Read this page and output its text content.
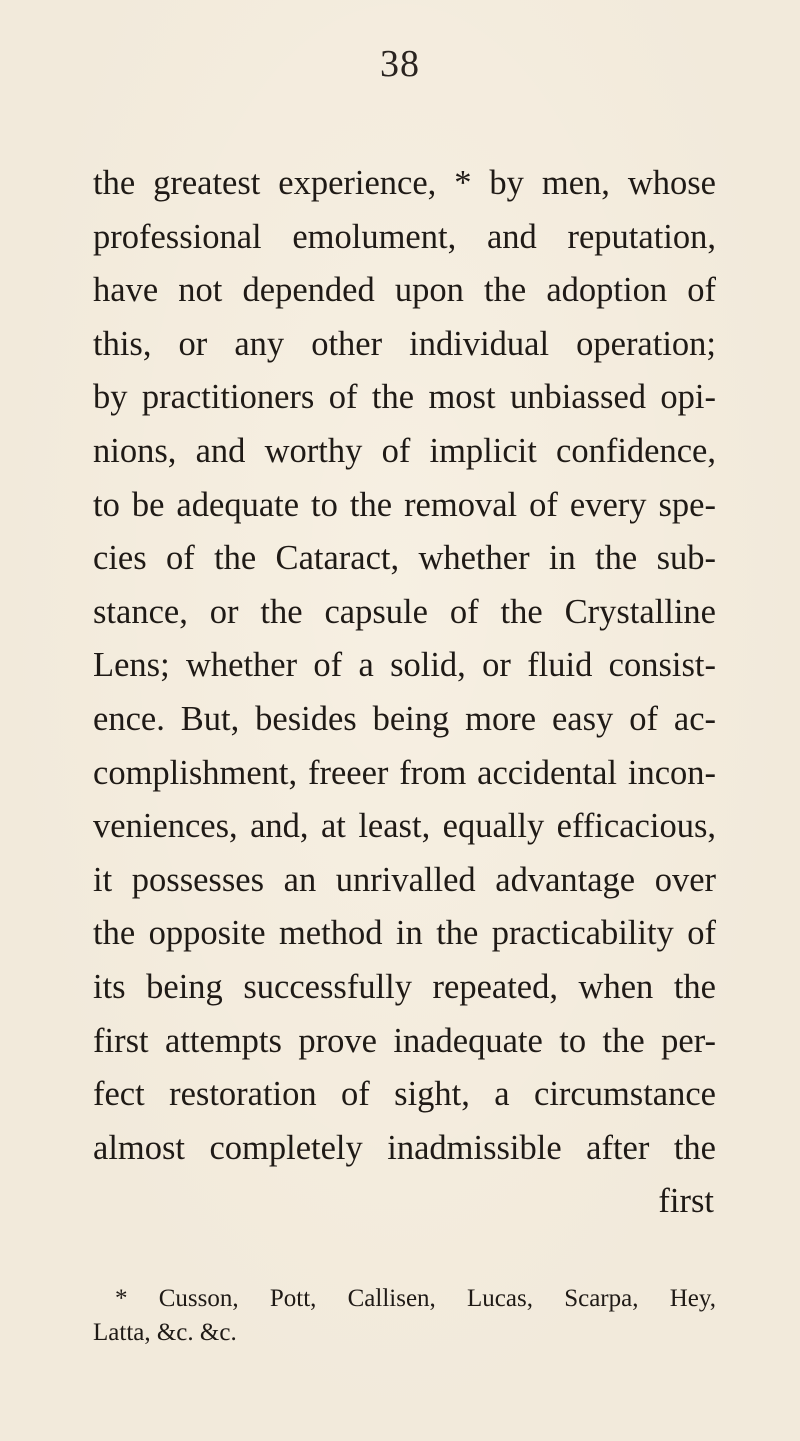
38
the greatest experience, * by men, whose
professional emolument, and reputation,
have not depended upon the adoption of
this, or any other individual operation;
by practitioners of the most unbiassed opi-
nions, and worthy of implicit confidence,
to be adequate to the removal of every spe-
cies of the Cataract, whether in the sub-
stance, or the capsule of the Crystalline
Lens; whether of a solid, or fluid consist-
ence. But, besides being more easy of ac-
complishment, freeer from accidental incon-
veniences, and, at least, equally efficacious,
it possesses an unrivalled advantage over
the opposite method in the practicability of
its being successfully repeated, when the
first attempts prove inadequate to the per-
fect restoration of sight, a circumstance
almost completely inadmissible after the
first
* Cusson, Pott, Callisen, Lucas, Scarpa, Hey,
Latta, &c. &c.
